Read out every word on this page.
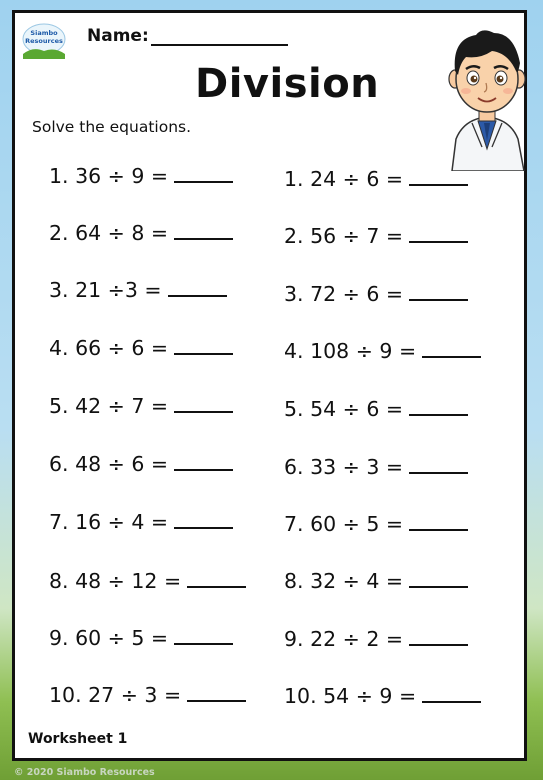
Siambo
Resources Name:
Division
Solve the equations.
1. 36 ÷ 9 =
2. 64 ÷ 8 =
3. 21 ÷3 =
4. 66 ÷ 6 =
5. 42 ÷ 7 =
6. 48 ÷ 6 =
7. 16 ÷ 4 =
8. 48 ÷ 12 =
9. 60 ÷ 5 =
10. 27 ÷ 3 =
1. 24 ÷ 6 =
2. 56 ÷ 7 =
3. 72 ÷ 6 =
4. 108 ÷ 9 =
5. 54 ÷ 6 =
6. 33 ÷ 3 =
7. 60 ÷ 5 =
8. 32 ÷ 4 =
9. 22 ÷ 2 =
10. 54 ÷ 9 =
Worksheet 1
© 2020 Siambo Resources
